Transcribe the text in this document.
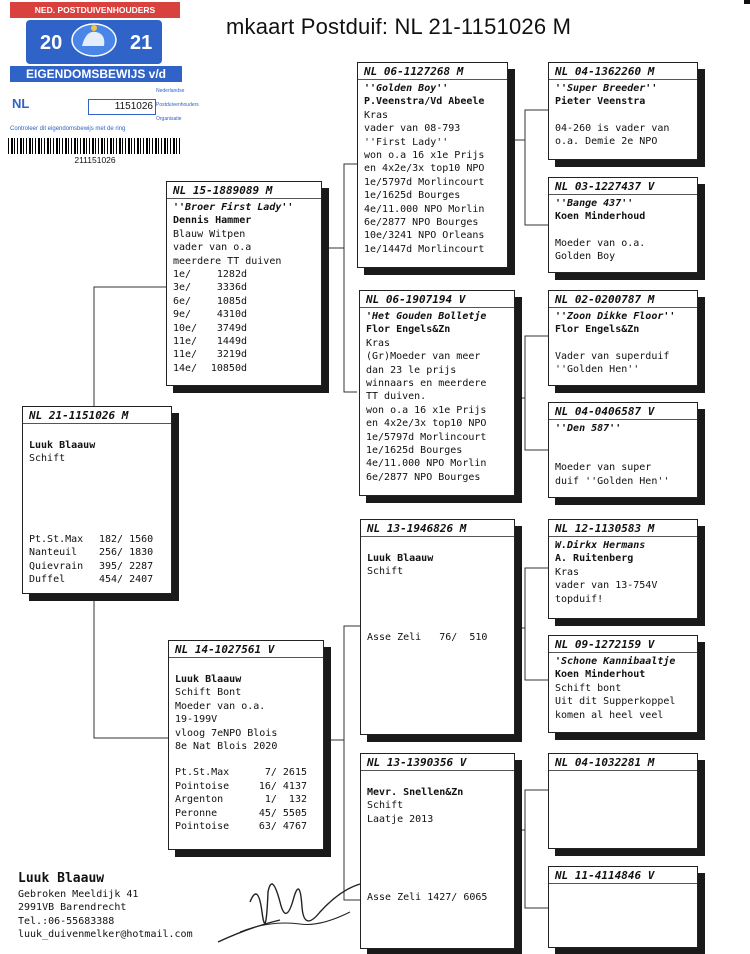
mkaart Postduif: NL 21-1151026 M
NED. POSTDUIVENHOUDERS
20	21
EIGENDOMSBEWIJS v/d RING
NL	1151026
Nederlandse
Postduivenhouders
Organisatie
Controleer dit eigendomsbewijs met de ring
211151026
NL 21-1151026 M
Luuk Blaauw
Schift
Pt.St.Max	182/ 1560
Nanteuil	256/ 1830
Quievrain	395/ 2287
Duffel	454/ 2407
NL 15-1889089 M
''Broer First Lady''
Dennis Hammer
Blauw Witpen
vader van o.a
meerdere TT duiven
1e/	1282d
3e/	3336d
6e/	1085d
9e/	4310d
10e/	3749d
11e/	1449d
11e/	3219d
14e/	10850d
NL 14-1027561 V
Luuk Blaauw
Schift Bont
Moeder van o.a.
19-199V
vloog 7eNPO Blois
8e Nat Blois 2020
Pt.St.Max	7/ 2615
Pointoise	16/ 4137
Argenton	1/  132
Peronne	45/ 5505
Pointoise	63/ 4767
NL 06-1127268 M
''Golden Boy''
P.Veenstra/Vd Abeele
Kras
vader van 08-793
''First Lady''
won o.a 16 x1e Prijs
en 4x2e/3x top10 NPO
1e/5797d Morlincourt
1e/1625d Bourges
4e/11.000 NPO Morlin
6e/2877 NPO Bourges
10e/3241 NPO Orleans
1e/1447d Morlincourt
NL 06-1907194 V
'Het Gouden Bolletje
Flor Engels&Zn
Kras
(Gr)Moeder van meer
dan 23 le prijs
winnaars en meerdere
TT duiven.
won o.a 16 x1e Prijs
en 4x2e/3x top10 NPO
1e/5797d Morlincourt
1e/1625d Bourges
4e/11.000 NPO Morlin
6e/2877 NPO Bourges
NL 13-1946826 M
Luuk Blaauw
Schift
Asse Zeli   76/  510
NL 13-1390356 V
Mevr. Snellen&Zn
Schift
Laatje 2013
Asse Zeli 1427/ 6065
NL 04-1362260 M
''Super Breeder''
Pieter Veenstra
04-260 is vader van
o.a. Demie 2e NPO
NL 03-1227437 V
''Bange 437''
Koen Minderhoud
Moeder van o.a.
Golden Boy
NL 02-0200787 M
''Zoon Dikke Floor''
Flor Engels&Zn
Vader van superduif
''Golden Hen''
NL 04-0406587 V
''Den 587''
Moeder van super
duif ''Golden Hen''
NL 12-1130583 M
W.Dirkx Hermans
A. Ruitenberg
Kras
vader van 13-754V
topduif!
NL 09-1272159 V
'Schone Kannibaaltje
Koen Minderhout
Schift bont
Uit dit Supperkoppel
komen al heel veel
NL 04-1032281 M
NL 11-4114846 V
Luuk Blaauw
Gebroken Meeldijk 41
2991VB Barendrecht
Tel.:06-55683388
luuk_duivenmelker@hotmail.com
